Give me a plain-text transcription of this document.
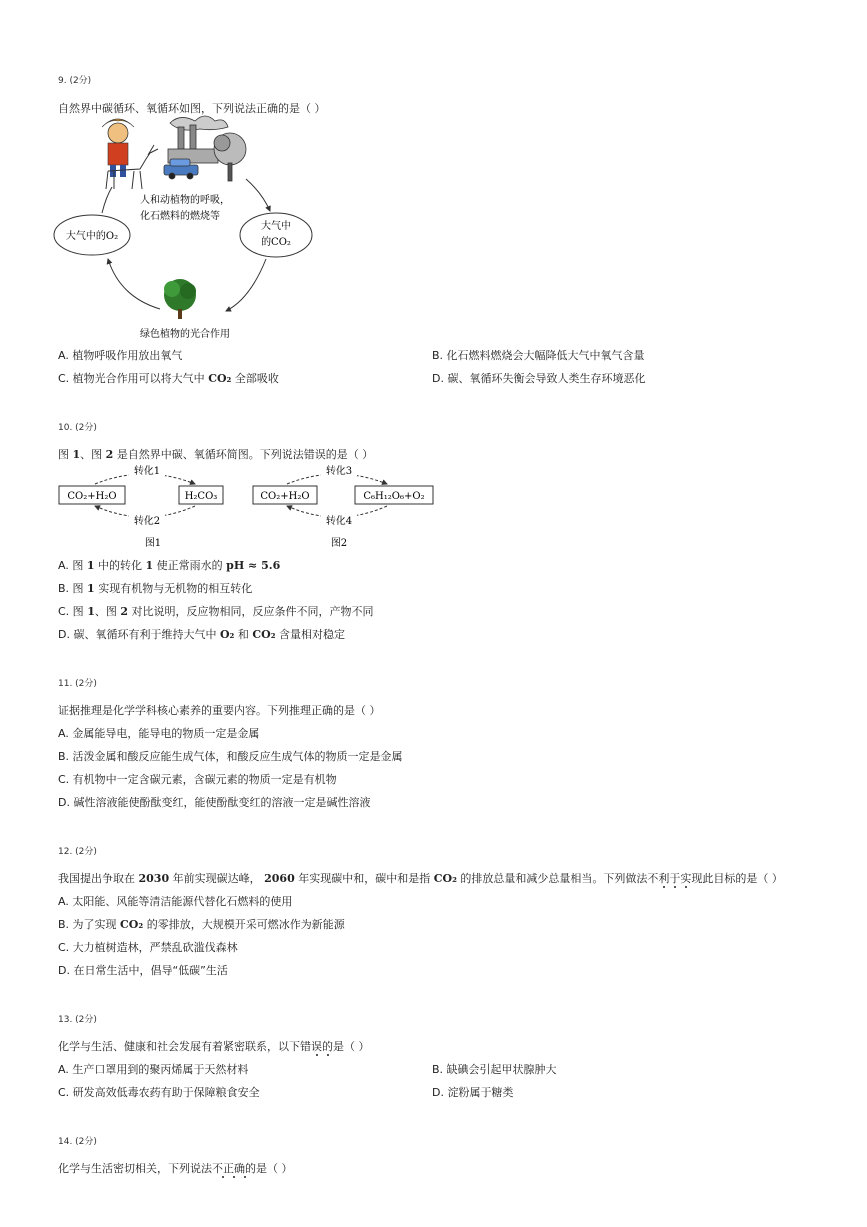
9. (2分)
自然界中碳循环、氧循环如图，下列说法正确的是（ ）
人和动植物的呼吸，
化石燃料的燃烧等
大气中的O₂
大气中
的CO₂
绿色植物的光合作用
A. 植物呼吸作用放出氧气	B. 化石燃料燃烧会大幅降低大气中氧气含量
C. 植物光合作用可以将大气中 CO₂ 全部吸收	D. 碳、氧循环失衡会导致人类生存环境恶化
10. (2分)
图 1、图 2 是自然界中碳、氧循环简图。下列说法错误的是（ ）
CO₂+H₂O	H₂CO₃
转化1
转化2
图1
CO₂+H₂O	C₆H₁₂O₆+O₂
转化3
转化4
图2
A. 图 1 中的转化 1 使正常雨水的 pH ≈ 5.6
B. 图 1 实现有机物与无机物的相互转化
C. 图 1、图 2 对比说明，反应物相同，反应条件不同，产物不同
D. 碳、氧循环有利于维持大气中 O₂ 和 CO₂ 含量相对稳定
11. (2分)
证据推理是化学学科核心素养的重要内容。下列推理正确的是（ ）
A. 金属能导电，能导电的物质一定是金属
B. 活泼金属和酸反应能生成气体，和酸反应生成气体的物质一定是金属
C. 有机物中一定含碳元素，含碳元素的物质一定是有机物
D. 碱性溶液能使酚酞变红，能使酚酞变红的溶液一定是碱性溶液
12. (2分)
我国提出争取在 2030 年前实现碳达峰， 2060 年实现碳中和，碳中和是指 CO₂ 的排放总量和减少总量相当。下列做法不利于实现此目标的是（ ）
A. 太阳能、风能等清洁能源代替化石燃料的使用
B. 为了实现 CO₂ 的零排放，大规模开采可燃冰作为新能源
C. 大力植树造林，严禁乱砍滥伐森林
D. 在日常生活中，倡导“低碳”生活
13. (2分)
化学与生活、健康和社会发展有着紧密联系，以下错误的是（ ）
A. 生产口罩用到的聚丙烯属于天然材料	B. 缺碘会引起甲状腺肿大
C. 研发高效低毒农药有助于保障粮食安全	D. 淀粉属于糖类
14. (2分)
化学与生活密切相关，下列说法不正确的是（ ）
